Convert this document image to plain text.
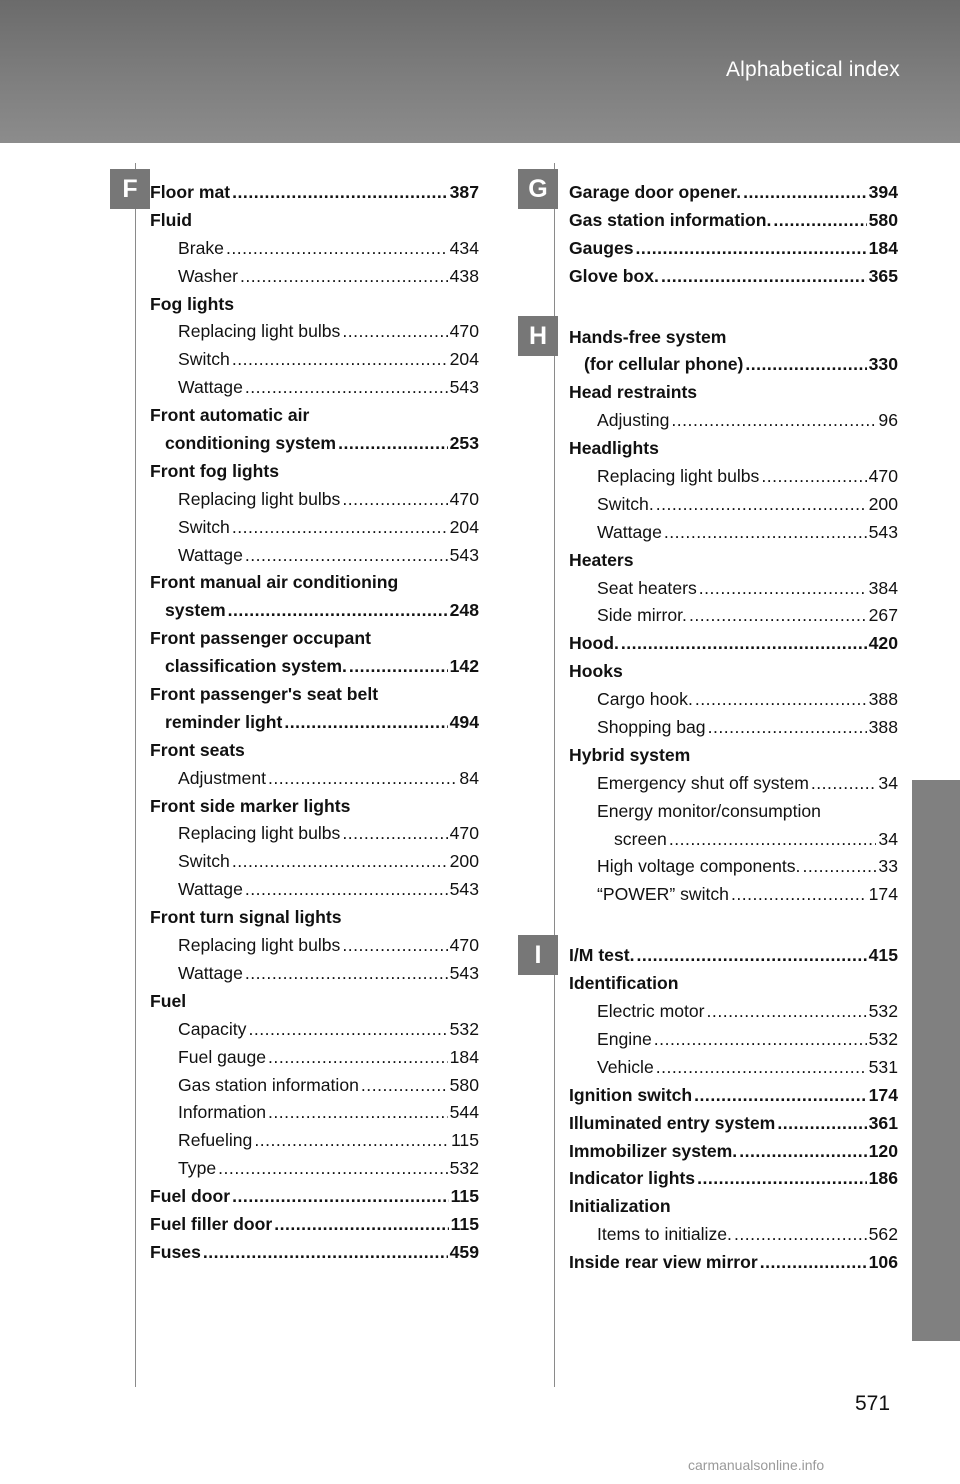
Alphabetical index
F	G
H
I
Floor mat .....	387
Fluid
Brake .....	434
Washer .....	438
Fog lights
Replacing light bulbs .....	470
Switch .....	204
Wattage .....	543
Front automatic air
conditioning system .....	253
Front fog lights
Replacing light bulbs .....	470
Switch .....	204
Wattage .....	543
Front manual air conditioning
system .....	248
Front passenger occupant
classification system. .....	142
Front passenger's seat belt
reminder light .....	494
Front seats
Adjustment .....	84
Front side marker lights
Replacing light bulbs .....	470
Switch .....	200
Wattage .....	543
Front turn signal lights
Replacing light bulbs .....	470
Wattage .....	543
Fuel
Capacity .....	532
Fuel gauge .....	184
Gas station information .....	580
Information .....	544
Refueling .....	115
Type .....	532
Fuel door .....	115
Fuel filler door .....	115
Fuses .....	459
Garage door opener. .....	394
Gas station information. .....	580
Gauges .....	184
Glove box. .....	365
Hands-free system
(for cellular phone) .....	330
Head restraints
Adjusting .....	96
Headlights
Replacing light bulbs .....	470
Switch. .....	200
Wattage .....	543
Heaters
Seat heaters .....	384
Side mirror. .....	267
Hood. .....	420
Hooks
Cargo hook. .....	388
Shopping bag .....	388
Hybrid system
Emergency shut off system .....	34
Energy monitor/consumption
screen .....	34
High voltage components. .....	33
“POWER” switch .....	174
I/M test. .....	415
Identification
Electric motor .....	532
Engine .....	532
Vehicle .....	531
Ignition switch .....	174
Illuminated entry system .....	361
Immobilizer system. .....	120
Indicator lights .....	186
Initialization
Items to initialize. .....	562
Inside rear view mirror .....	106
571
carmanualsonline.info
